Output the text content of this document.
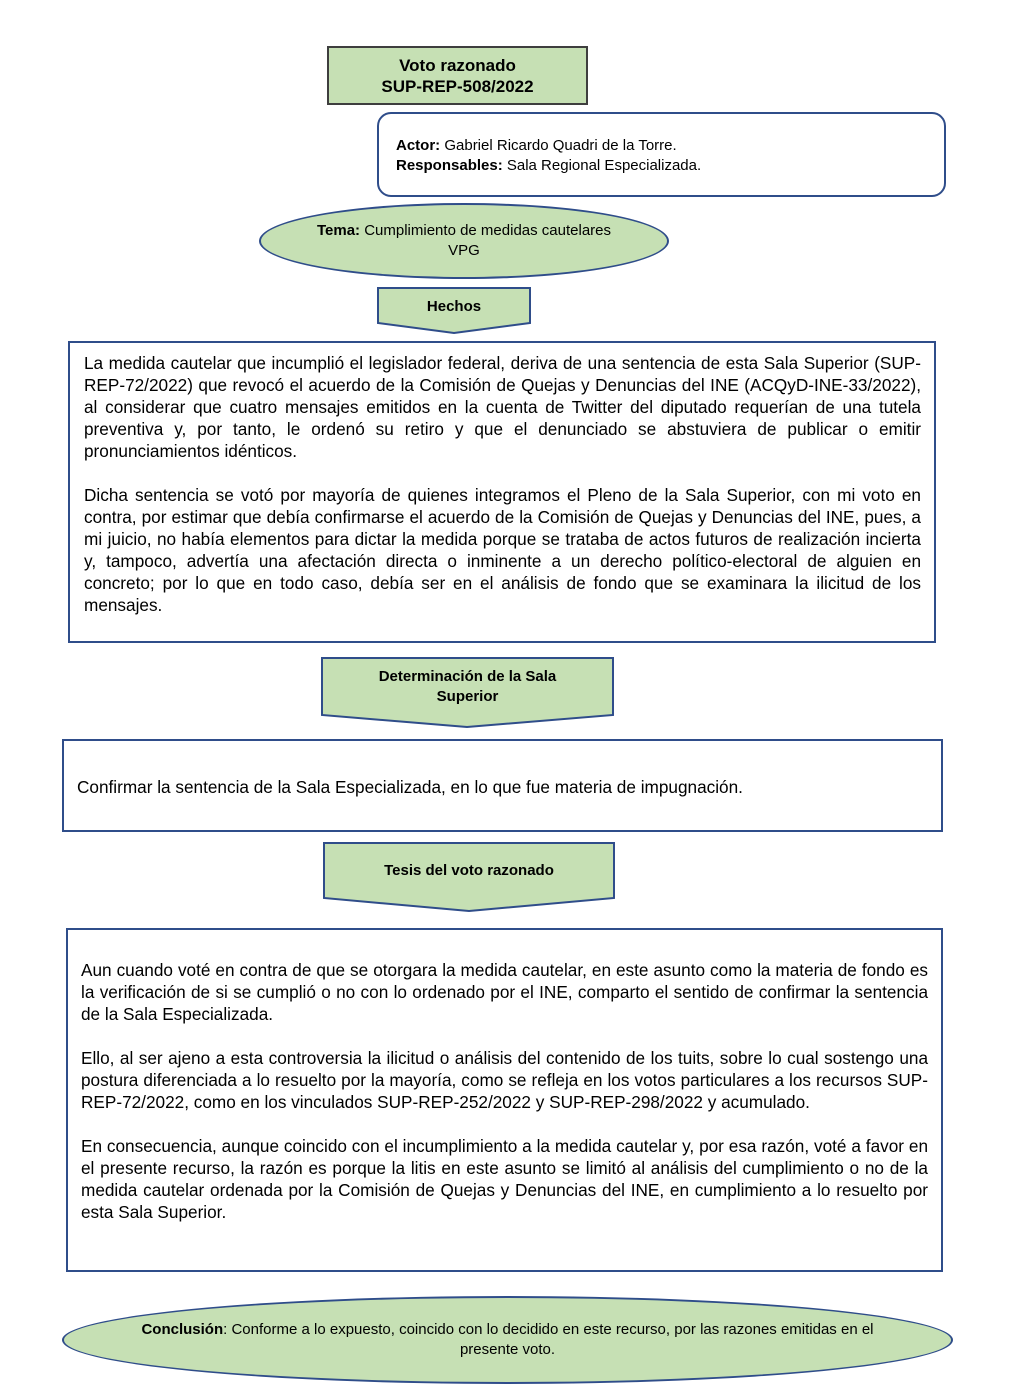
Voto razonado
SUP-REP-508/2022
Actor: Gabriel Ricardo Quadri de la Torre.
Responsables: Sala Regional Especializada.
Tema: Cumplimiento de medidas cautelares
VPG
Hechos

La medida cautelar que incumplió el legislador federal, deriva de una sentencia de esta Sala Superior (SUP-REP-72/2022) que revocó el acuerdo de la Comisión de Quejas y Denuncias del INE (ACQyD-INE-33/2022), al considerar que cuatro mensajes emitidos en la cuenta de Twitter del diputado requerían de una tutela preventiva y, por tanto, le ordenó su retiro y que el denunciado se abstuviera de publicar o emitir pronunciamientos idénticos.

Dicha sentencia se votó por mayoría de quienes integramos el Pleno de la Sala Superior, con mi voto en contra, por estimar que debía confirmarse el acuerdo de la Comisión de Quejas y Denuncias del INE, pues, a mi juicio, no había elementos para dictar la medida porque se trataba de actos futuros de realización incierta y, tampoco, advertía una afectación directa o inminente a un derecho político-electoral de alguien en concreto; por lo que en todo caso, debía ser en el análisis de fondo que se examinara la ilicitud de los mensajes.

Determinación de la Sala
Superior

Confirmar la sentencia de la Sala Especializada, en lo que fue materia de impugnación.

Tesis del voto razonado

Aun cuando voté en contra de que se otorgara la medida cautelar, en este asunto como la materia de fondo es la verificación de si se cumplió o no con lo ordenado por el INE, comparto el sentido de confirmar la sentencia de la Sala Especializada.

Ello, al ser ajeno a esta controversia la ilicitud o análisis del contenido de los tuits, sobre lo cual sostengo una postura diferenciada a lo resuelto por la mayoría, como se refleja en los votos particulares a los recursos SUP-REP-72/2022, como en los vinculados SUP-REP-252/2022 y SUP-REP-298/2022 y acumulado.

En consecuencia, aunque coincido con el incumplimiento a la medida cautelar y, por esa razón, voté a favor en el presente recurso, la razón es porque la litis en este asunto se limitó al análisis del cumplimiento o no de la medida cautelar ordenada por la Comisión de Quejas y Denuncias del INE, en cumplimiento a lo resuelto por esta Sala Superior.

Conclusión: Conforme a lo expuesto, coincido con lo decidido en este recurso, por las razones emitidas en el presente voto.
